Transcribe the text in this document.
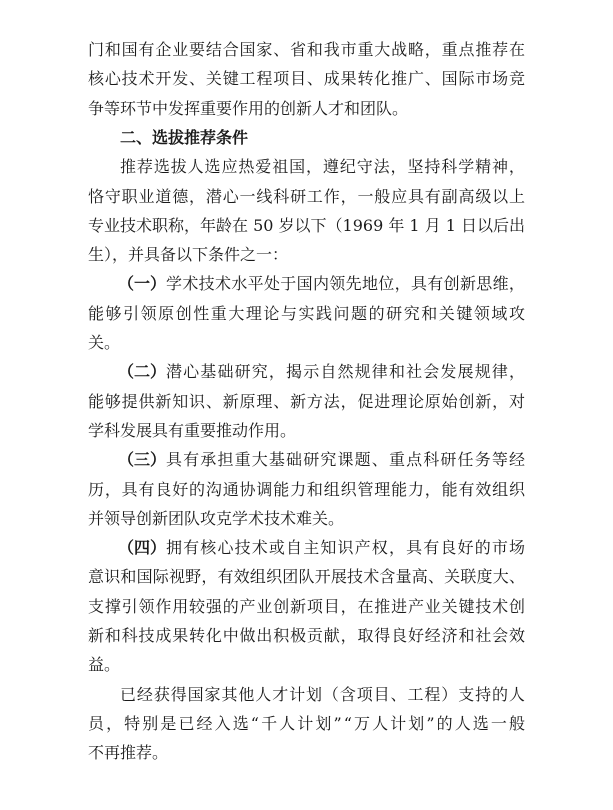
门和国有企业要结合国家、省和我市重大战略，重点推荐在
核心技术开发、关键工程项目、成果转化推广、国际市场竞
争等环节中发挥重要作用的创新人才和团队。
二、选拔推荐条件
推荐选拔人选应热爱祖国，遵纪守法，坚持科学精神，
恪守职业道德，潜心一线科研工作，一般应具有副高级以上
专业技术职称，年龄在 50 岁以下（1969 年 1 月 1 日以后出
生），并具备以下条件之一：
（一） 学术技术水平处于国内领先地位，具有创新思维，
能够引领原创性重大理论与实践问题的研究和关键领域攻
关。
（二） 潜心基础研究，揭示自然规律和社会发展规律，
能够提供新知识、新原理、新方法，促进理论原始创新，对
学科发展具有重要推动作用。
（三） 具有承担重大基础研究课题、重点科研任务等经
历，具有良好的沟通协调能力和组织管理能力，能有效组织
并领导创新团队攻克学术技术难关。
（四） 拥有核心技术或自主知识产权，具有良好的市场
意识和国际视野，有效组织团队开展技术含量高、关联度大、
支撑引领作用较强的产业创新项目，在推进产业关键技术创
新和科技成果转化中做出积极贡献，取得良好经济和社会效
益。
已经获得国家其他人才计划（含项目、工程）支持的人
员，特别是已经入选“千人计划”“万人计划”的人选一般
不再推荐。
